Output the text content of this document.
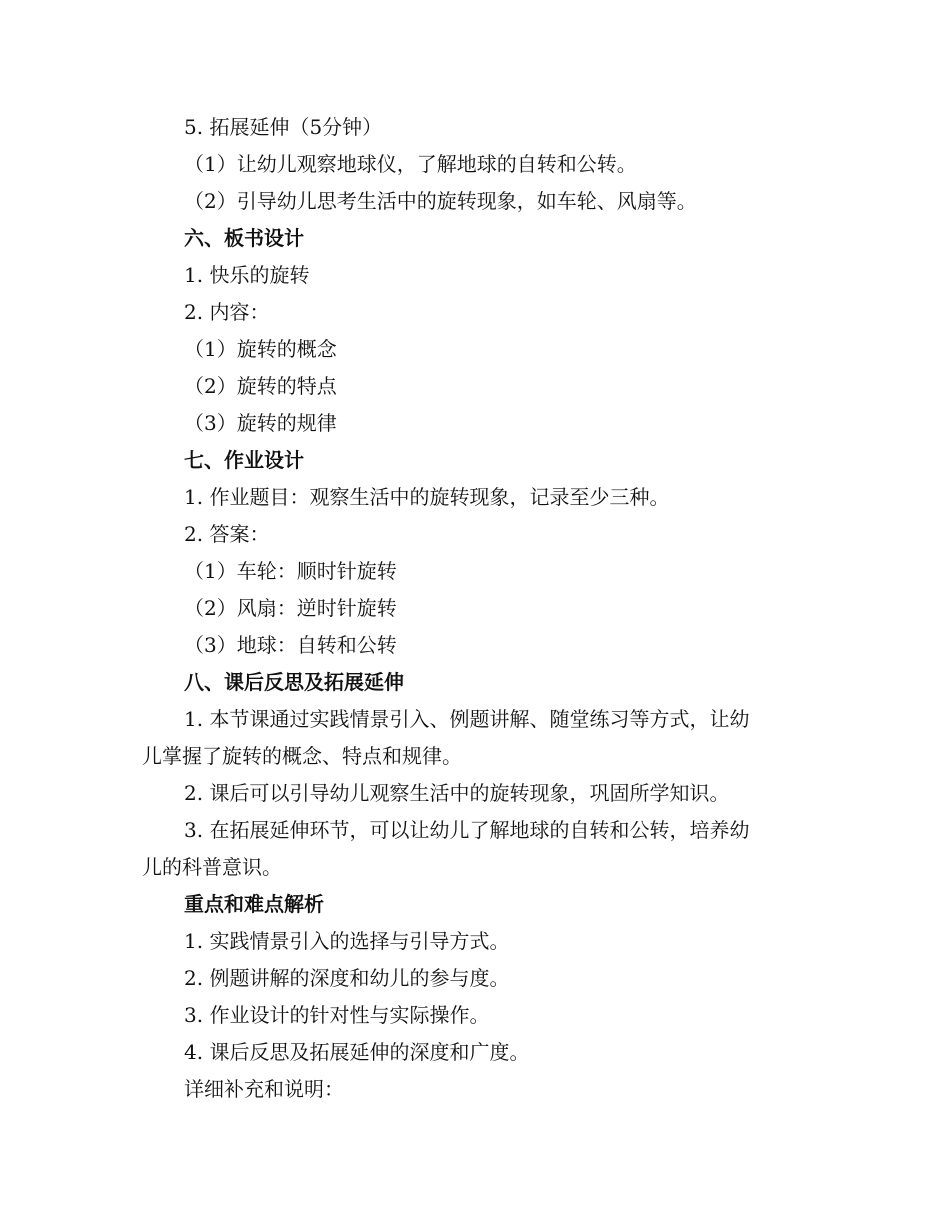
5. 拓展延伸（5分钟）
（1）让幼儿观察地球仪，了解地球的自转和公转。
（2）引导幼儿思考生活中的旋转现象，如车轮、风扇等。
六、板书设计
1. 快乐的旋转
2. 内容：
（1）旋转的概念
（2）旋转的特点
（3）旋转的规律
七、作业设计
1. 作业题目：观察生活中的旋转现象，记录至少三种。
2. 答案：
（1）车轮：顺时针旋转
（2）风扇：逆时针旋转
（3）地球：自转和公转
八、课后反思及拓展延伸
1. 本节课通过实践情景引入、例题讲解、随堂练习等方式，让幼
儿掌握了旋转的概念、特点和规律。
2. 课后可以引导幼儿观察生活中的旋转现象，巩固所学知识。
3. 在拓展延伸环节，可以让幼儿了解地球的自转和公转，培养幼
儿的科普意识。
重点和难点解析
1. 实践情景引入的选择与引导方式。
2. 例题讲解的深度和幼儿的参与度。
3. 作业设计的针对性与实际操作。
4. 课后反思及拓展延伸的深度和广度。
详细补充和说明：
